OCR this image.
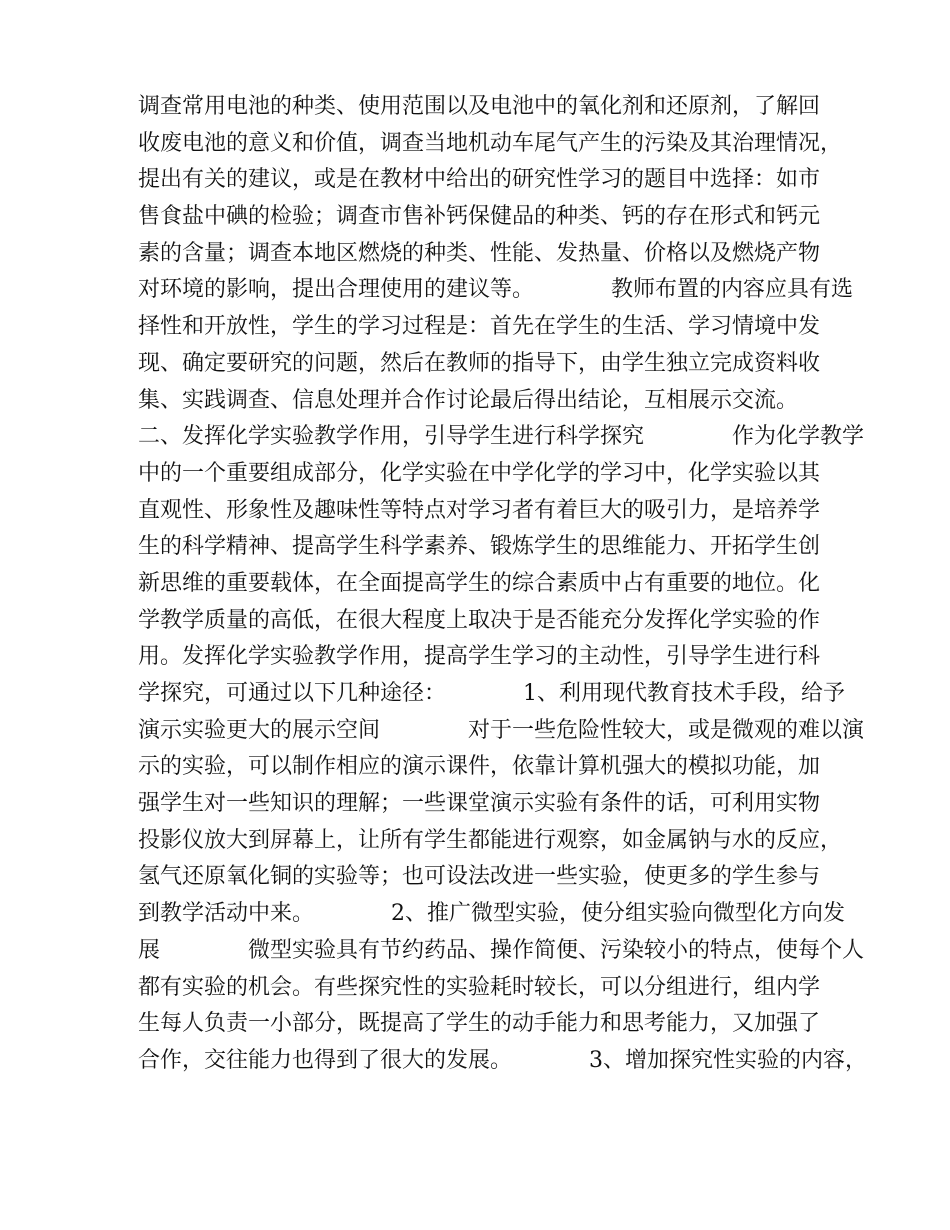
调查常用电池的种类、使用范围以及电池中的氧化剂和还原剂，了解回
收废电池的意义和价值，调查当地机动车尾气产生的污染及其治理情况，
提出有关的建议，或是在教材中给出的研究性学习的题目中选择：如市
售食盐中碘的检验；调查市售补钙保健品的种类、钙的存在形式和钙元
素的含量；调查本地区燃烧的种类、性能、发热量、价格以及燃烧产物
对环境的影响，提出合理使用的建议等。　　　　教师布置的内容应具有选
择性和开放性，学生的学习过程是：首先在学生的生活、学习情境中发
现、确定要研究的问题，然后在教师的指导下，由学生独立完成资料收
集、实践调查、信息处理并合作讨论最后得出结论，互相展示交流。
二、发挥化学实验教学作用，引导学生进行科学探究　　　　作为化学教学
中的一个重要组成部分，化学实验在中学化学的学习中，化学实验以其
直观性、形象性及趣味性等特点对学习者有着巨大的吸引力，是培养学
生的科学精神、提高学生科学素养、锻炼学生的思维能力、开拓学生创
新思维的重要载体，在全面提高学生的综合素质中占有重要的地位。化
学教学质量的高低，在很大程度上取决于是否能充分发挥化学实验的作
用。发挥化学实验教学作用，提高学生学习的主动性，引导学生进行科
学探究，可通过以下几种途径：　　　　1、利用现代教育技术手段，给予
演示实验更大的展示空间　　　　对于一些危险性较大，或是微观的难以演
示的实验，可以制作相应的演示课件，依靠计算机强大的模拟功能，加
强学生对一些知识的理解；一些课堂演示实验有条件的话，可利用实物
投影仪放大到屏幕上，让所有学生都能进行观察，如金属钠与水的反应，
氢气还原氧化铜的实验等；也可设法改进一些实验，使更多的学生参与
到教学活动中来。　　　　2、推广微型实验，使分组实验向微型化方向发
展　　　　微型实验具有节约药品、操作简便、污染较小的特点，使每个人
都有实验的机会。有些探究性的实验耗时较长，可以分组进行，组内学
生每人负责一小部分，既提高了学生的动手能力和思考能力，又加强了
合作，交往能力也得到了很大的发展。　　　　3、增加探究性实验的内容，
